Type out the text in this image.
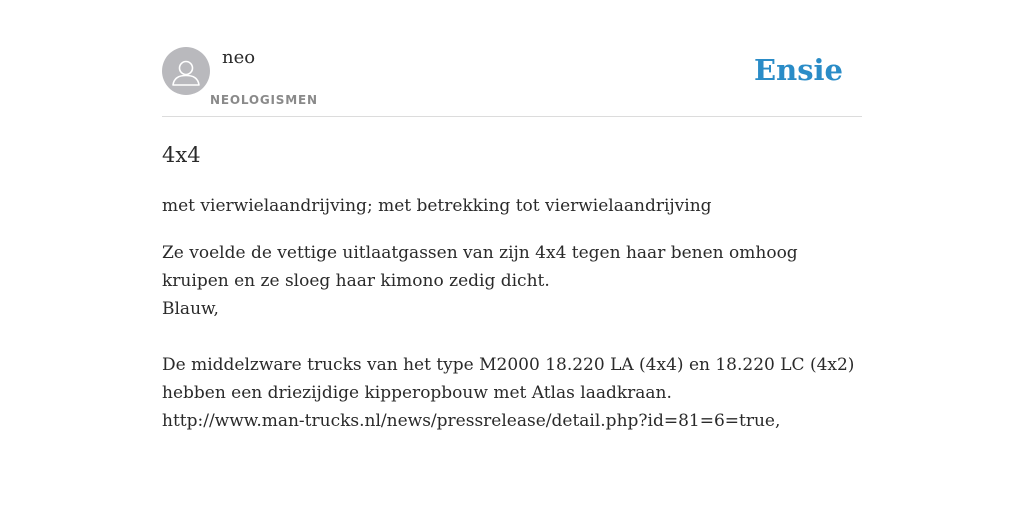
neo
NEOLOGISMEN
Ensie
4x4
met vierwielaandrijving; met betrekking tot vierwielaandrijving
Ze voelde de vettige uitlaatgassen van zijn 4x4 tegen haar benen omhoog
kruipen en ze sloeg haar kimono zedig dicht.
Blauw,
De middelzware trucks van het type M2000 18.220 LA (4x4) en 18.220 LC (4x2)
hebben een driezijdige kipperopbouw met Atlas laadkraan.
http://www.man-trucks.nl/news/pressrelease/detail.php?id=81=6=true,
